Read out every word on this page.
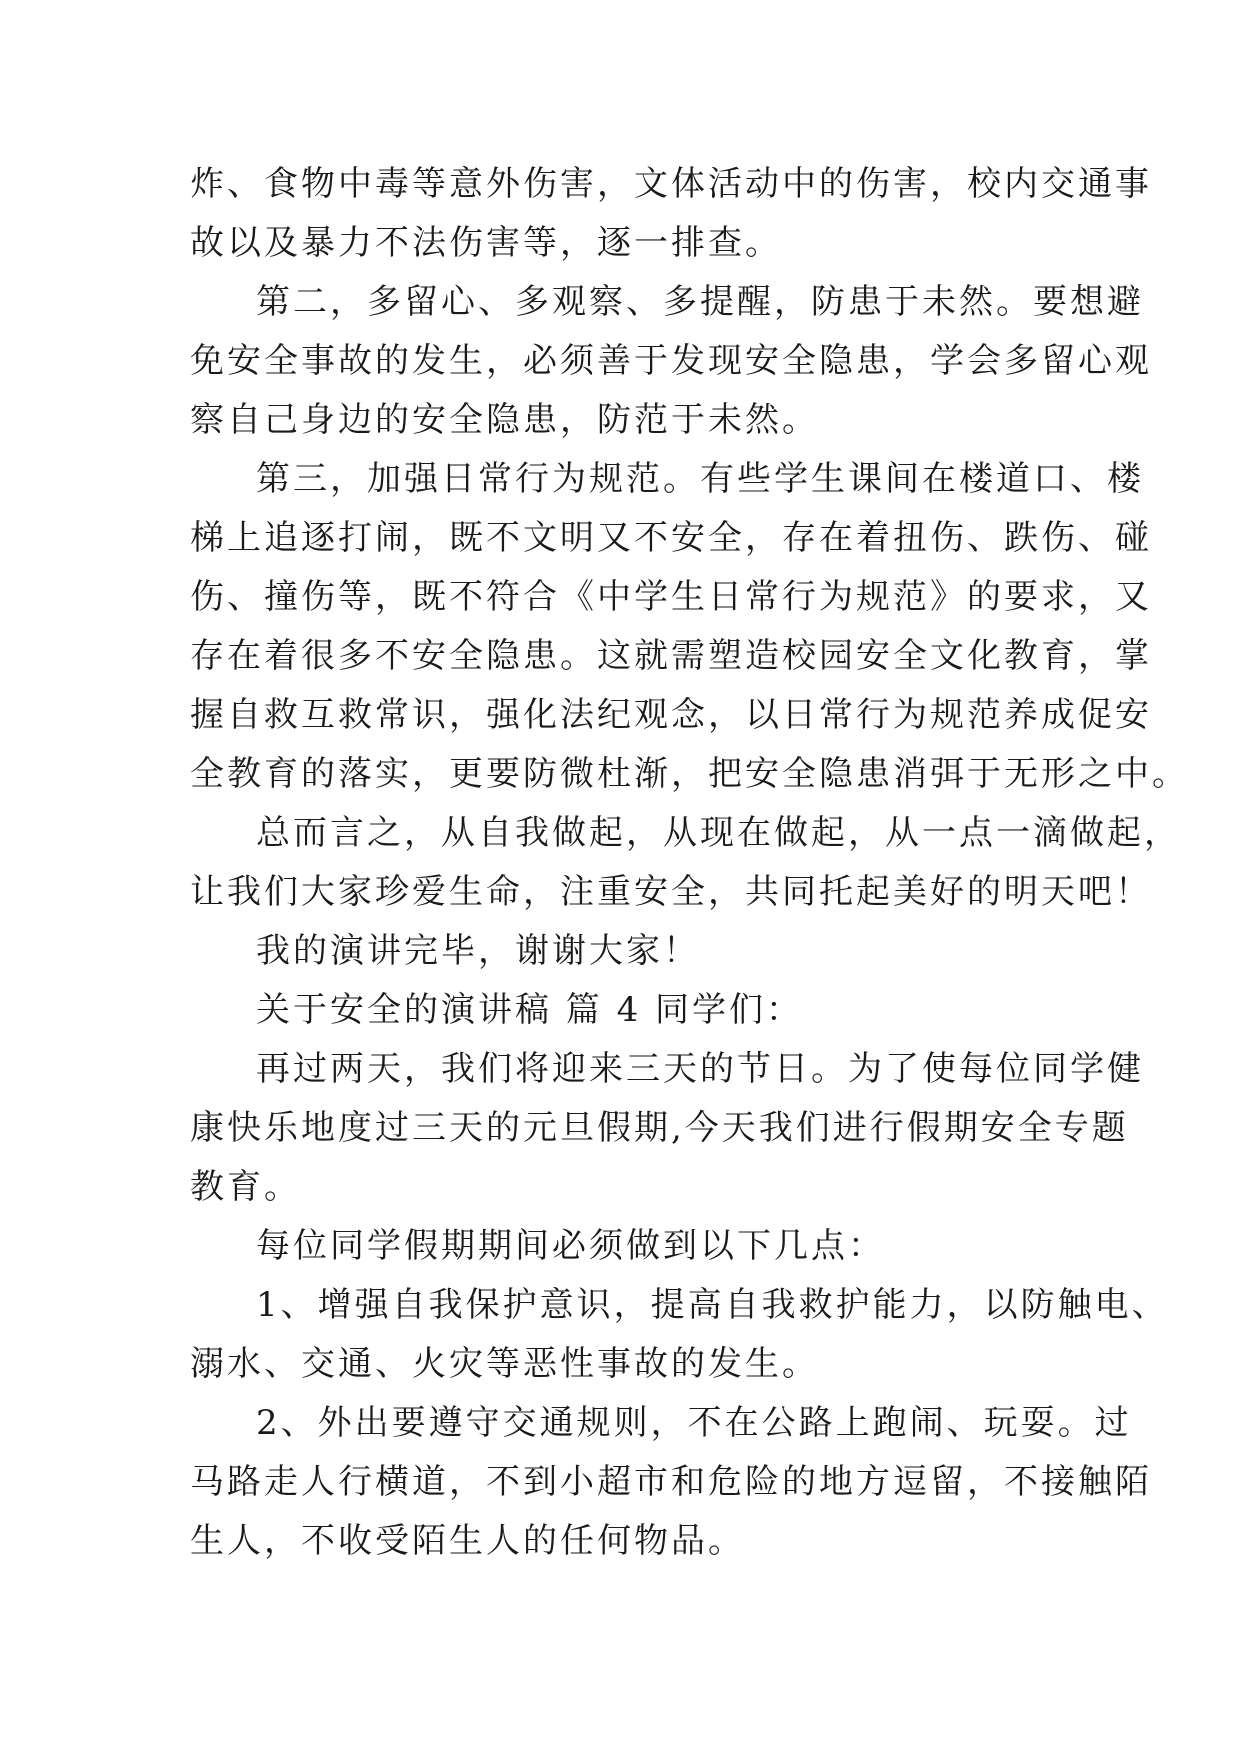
炸、食物中毒等意外伤害，文体活动中的伤害，校内交通事
故以及暴力不法伤害等，逐一排查。
第二，多留心、多观察、多提醒，防患于未然。要想避
免安全事故的发生，必须善于发现安全隐患，学会多留心观
察自己身边的安全隐患，防范于未然。
第三，加强日常行为规范。有些学生课间在楼道口、楼
梯上追逐打闹，既不文明又不安全，存在着扭伤、跌伤、碰
伤、撞伤等，既不符合《中学生日常行为规范》的要求，又
存在着很多不安全隐患。这就需塑造校园安全文化教育，掌
握自救互救常识，强化法纪观念，以日常行为规范养成促安
全教育的落实，更要防微杜渐，把安全隐患消弭于无形之中。
总而言之，从自我做起，从现在做起，从一点一滴做起，
让我们大家珍爱生命，注重安全，共同托起美好的明天吧！
我的演讲完毕，谢谢大家！
关于安全的演讲稿 篇 4 同学们：
再过两天，我们将迎来三天的节日。为了使每位同学健
康快乐地度过三天的元旦假期,今天我们进行假期安全专题
教育。
每位同学假期期间必须做到以下几点：
1、增强自我保护意识，提高自我救护能力，以防触电、
溺水、交通、火灾等恶性事故的发生。
2、外出要遵守交通规则，不在公路上跑闹、玩耍。过
马路走人行横道，不到小超市和危险的地方逗留，不接触陌
生人，不收受陌生人的任何物品。
